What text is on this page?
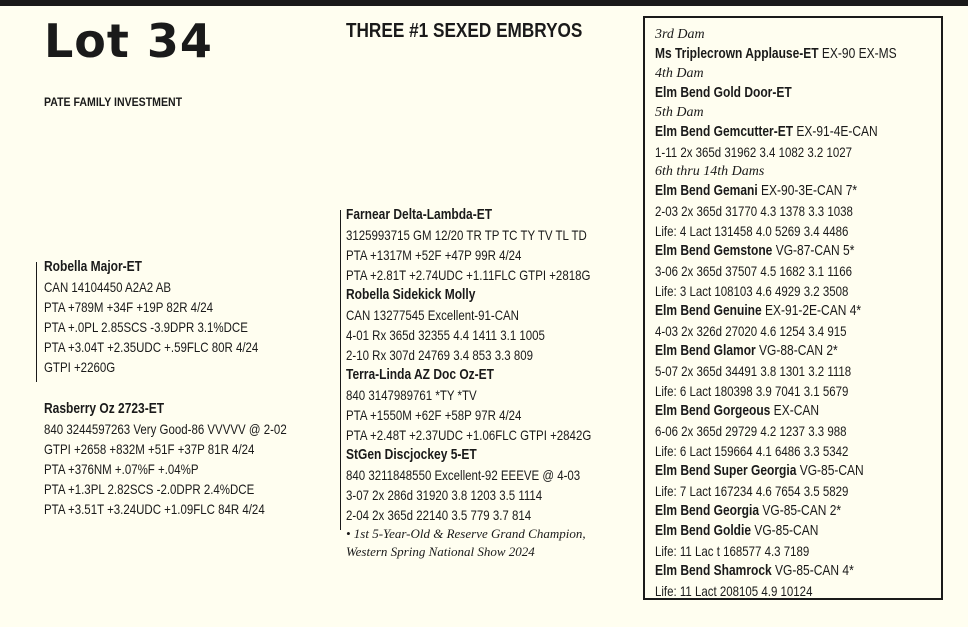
Lot 34
PATE FAMILY INVESTMENT
THREE #1 SEXED EMBRYOS
Robella Major-ET
CAN 14104450 A2A2 AB
PTA +789M +34F +19P 82R 4/24
PTA +.0PL 2.85SCS -3.9DPR 3.1%DCE
PTA +3.04T +2.35UDC +.59FLC 80R 4/24
GTPI +2260G
Rasberry Oz 2723-ET
840 3244597263 Very Good-86 VVVVV @ 2-02
GTPI +2658 +832M +51F +37P 81R 4/24
PTA +376NM +.07%F +.04%P
PTA +1.3PL 2.82SCS -2.0DPR 2.4%DCE
PTA +3.51T +3.24UDC +1.09FLC 84R 4/24
Farnear Delta-Lambda-ET
3125993715 GM 12/20 TR TP TC TY TV TL TD
PTA +1317M +52F +47P 99R 4/24
PTA +2.81T +2.74UDC +1.11FLC GTPI +2818G
Robella Sidekick Molly
CAN 13277545 Excellent-91-CAN
4-01 Rx 365d 32355 4.4 1411 3.1 1005
2-10 Rx 307d 24769 3.4 853 3.3 809
Terra-Linda AZ Doc Oz-ET
840 3147989761 *TY *TV
PTA +1550M +62F +58P 97R 4/24
PTA +2.48T +2.37UDC +1.06FLC GTPI +2842G
StGen Discjockey 5-ET
840 3211848550 Excellent-92 EEEVE @ 4-03
3-07 2x 286d 31920 3.8 1203 3.5 1114
2-04 2x 365d 22140 3.5 779 3.7 814
• 1st 5-Year-Old & Reserve Grand Champion,
Western Spring National Show 2024
3rd Dam
Ms Triplecrown Applause-ET EX-90 EX-MS
4th Dam
Elm Bend Gold Door-ET
5th Dam
Elm Bend Gemcutter-ET EX-91-4E-CAN
1-11 2x 365d 31962 3.4 1082 3.2 1027
6th thru 14th Dams
Elm Bend Gemani EX-90-3E-CAN 7*
2-03 2x 365d 31770 4.3 1378 3.3 1038
Life: 4 Lact 131458 4.0 5269 3.4 4486
Elm Bend Gemstone VG-87-CAN 5*
3-06 2x 365d 37507 4.5 1682 3.1 1166
Life: 3 Lact 108103 4.6 4929 3.2 3508
Elm Bend Genuine EX-91-2E-CAN 4*
4-03 2x 326d 27020 4.6 1254 3.4 915
Elm Bend Glamor VG-88-CAN 2*
5-07 2x 365d 34491 3.8 1301 3.2 1118
Life: 6 Lact 180398 3.9 7041 3.1 5679
Elm Bend Gorgeous EX-CAN
6-06 2x 365d 29729 4.2 1237 3.3 988
Life: 6 Lact 159664 4.1 6486 3.3 5342
Elm Bend Super Georgia VG-85-CAN
Life: 7 Lact 167234 4.6 7654 3.5 5829
Elm Bend Georgia VG-85-CAN 2*
Elm Bend Goldie VG-85-CAN
Life: 11 Lac t 168577 4.3 7189
Elm Bend Shamrock VG-85-CAN 4*
Life: 11 Lact 208105 4.9 10124
